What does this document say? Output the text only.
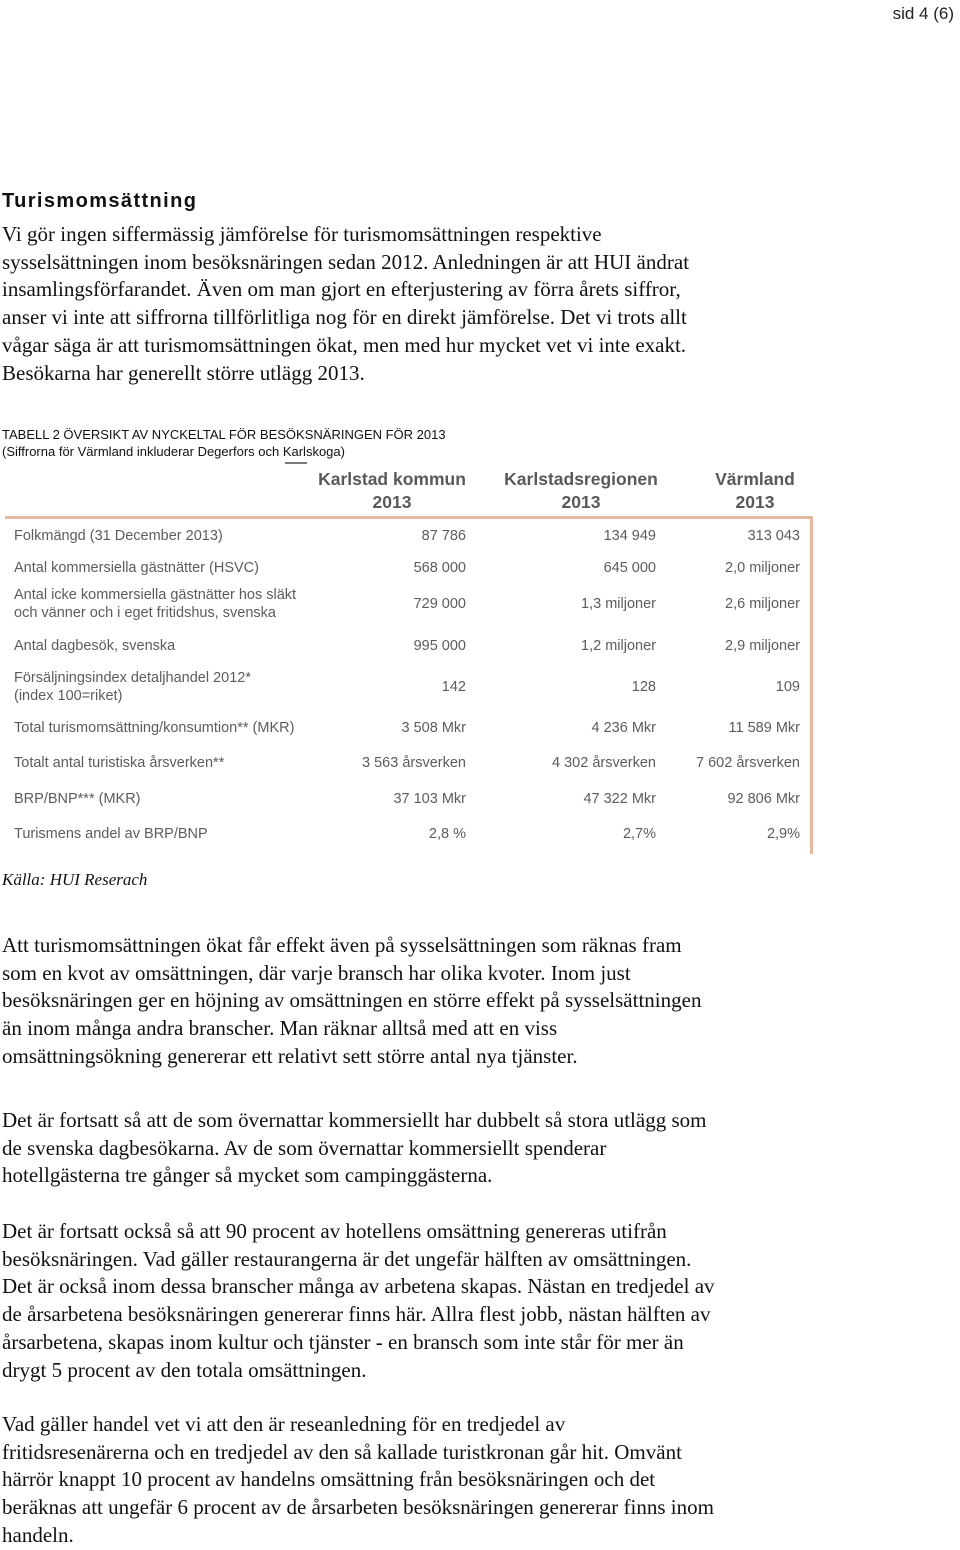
sid 4 (6)
Turismomsättning

Vi gör ingen siffermässig jämförelse för turismomsättningen respektive
sysselsättningen inom besöksnäringen sedan 2012. Anledningen är att HUI ändrat
insamlingsförfarandet. Även om man gjort en efterjustering av förra årets siffror,
anser vi inte att siffrorna tillförlitliga nog för en direkt jämförelse. Det vi trots allt
vågar säga är att turismomsättningen ökat, men med hur mycket vet vi inte exakt.
Besökarna har generellt större utlägg 2013.

TABELL 2 ÖVERSIKT AV NYCKELTAL FÖR BESÖKSNÄRINGEN FÖR 2013

(Siffrorna för Värmland inkluderar Degerfors och Karlskoga)

Karlstad kommun
2013
Karlstadsregionen
2013
Värmland
2013
Folkmängd (31 December 2013)	87 786	134 949	313 043
Antal kommersiella gästnätter (HSVC)	568 000	645 000	2,0 miljoner
Antal icke kommersiella gästnätter hos släkt
och vänner och i eget fritidshus, svenska
729 000	1,3 miljoner	2,6 miljoner
Antal dagbesök, svenska	995 000	1,2 miljoner	2,9 miljoner
Försäljningsindex detaljhandel 2012*
(index 100=riket)
142	128	109
Total turismomsättning/konsumtion** (MKR)	3 508 Mkr	4 236 Mkr	11 589 Mkr
Totalt antal turistiska årsverken**	3 563 årsverken	4 302 årsverken	7 602 årsverken
BRP/BNP*** (MKR)	37 103 Mkr	47 322 Mkr	92 806 Mkr
Turismens andel av BRP/BNP	2,8 %	2,7%	2,9%

Källa: HUI Reserach

Att turismomsättningen ökat får effekt även på sysselsättningen som räknas fram
som en kvot av omsättningen, där varje bransch har olika kvoter. Inom just
besöksnäringen ger en höjning av omsättningen en större effekt på sysselsättningen
än inom många andra branscher. Man räknar alltså med att en viss
omsättningsökning genererar ett relativt sett större antal nya tjänster.

Det är fortsatt så att de som övernattar kommersiellt har dubbelt så stora utlägg som
de svenska dagbesökarna. Av de som övernattar kommersiellt spenderar
hotellgästerna tre gånger så mycket som campinggästerna.

Det är fortsatt också så att 90 procent av hotellens omsättning genereras utifrån
besöksnäringen. Vad gäller restaurangerna är det ungefär hälften av omsättningen.
Det är också inom dessa branscher många av arbetena skapas. Nästan en tredjedel av
de årsarbetena besöksnäringen genererar finns här. Allra flest jobb, nästan hälften av
årsarbetena, skapas inom kultur och tjänster - en bransch som inte står för mer än
drygt 5 procent av den totala omsättningen.

Vad gäller handel vet vi att den är reseanledning för en tredjedel av
fritidsresenärerna och en tredjedel av den så kallade turistkronan går hit. Omvänt
härrör knappt 10 procent av handelns omsättning från besöksnäringen och det
beräknas att ungefär 6 procent av de årsarbeten besöksnäringen genererar finns inom
handeln.
